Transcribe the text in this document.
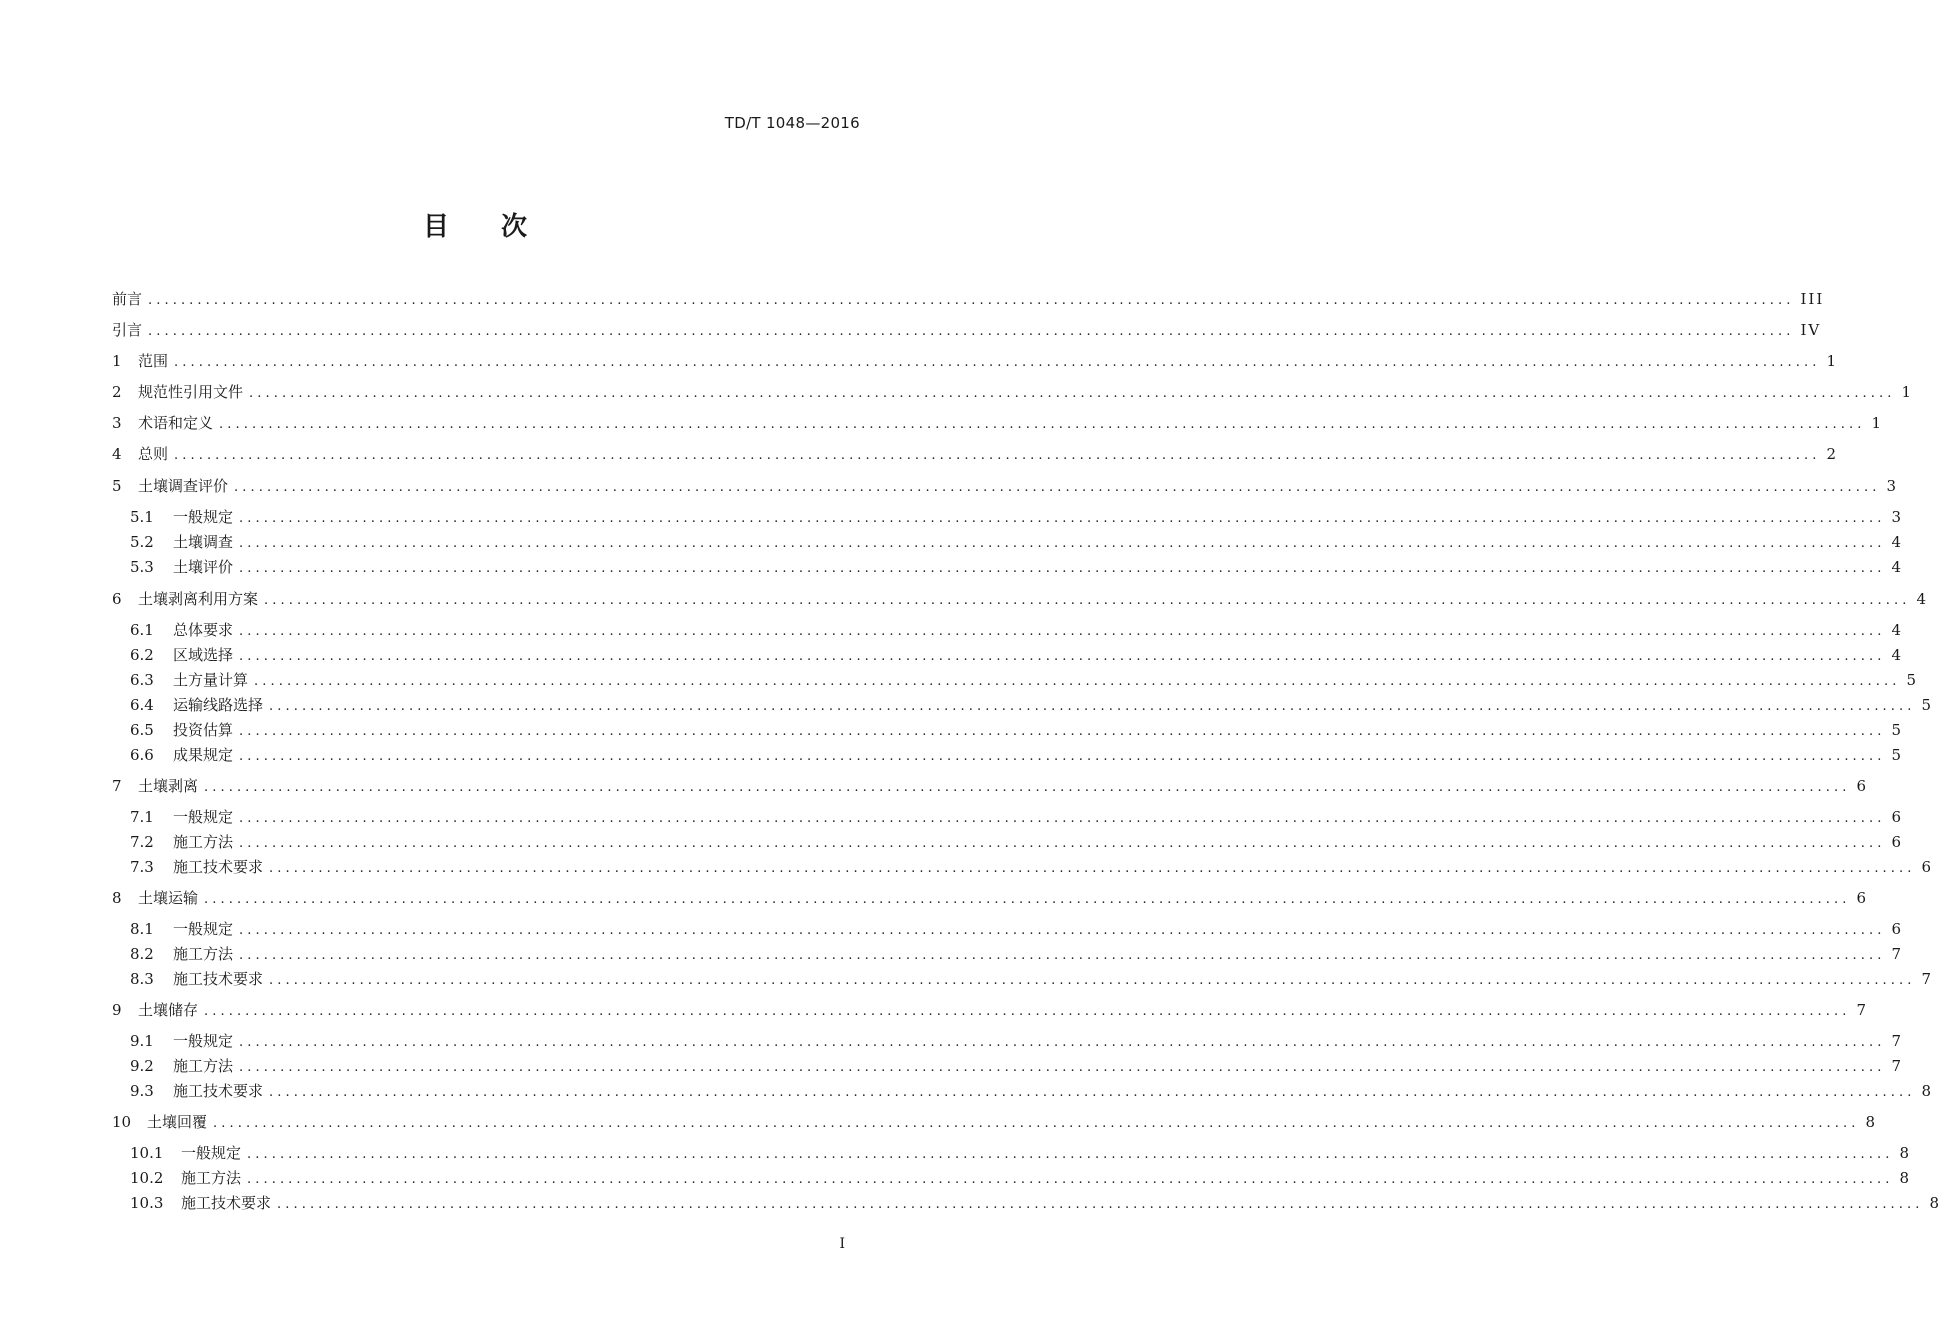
TD/T 1048—2016
目次
前言 ........................................................................................................................................................................................................ III
引言 ........................................................................................................................................................................................................ IV
1	范围 ........................................................................................................................................................................................................ 1
2	规范性引用文件 ........................................................................................................................................................................................................ 1
3	术语和定义 ........................................................................................................................................................................................................ 1
4	总则 ........................................................................................................................................................................................................ 2
5	土壤调查评价 ........................................................................................................................................................................................................ 3
5.1	一般规定 ........................................................................................................................................................................................................ 3
5.2	土壤调查 ........................................................................................................................................................................................................ 4
5.3	土壤评价 ........................................................................................................................................................................................................ 4
6	土壤剥离利用方案 ........................................................................................................................................................................................................ 4
6.1	总体要求 ........................................................................................................................................................................................................ 4
6.2	区域选择 ........................................................................................................................................................................................................ 4
6.3	土方量计算 ........................................................................................................................................................................................................ 5
6.4	运输线路选择 ........................................................................................................................................................................................................ 5
6.5	投资估算 ........................................................................................................................................................................................................ 5
6.6	成果规定 ........................................................................................................................................................................................................ 5
7	土壤剥离 ........................................................................................................................................................................................................ 6
7.1	一般规定 ........................................................................................................................................................................................................ 6
7.2	施工方法 ........................................................................................................................................................................................................ 6
7.3	施工技术要求 ........................................................................................................................................................................................................ 6
8	土壤运输 ........................................................................................................................................................................................................ 6
8.1	一般规定 ........................................................................................................................................................................................................ 6
8.2	施工方法 ........................................................................................................................................................................................................ 7
8.3	施工技术要求 ........................................................................................................................................................................................................ 7
9	土壤储存 ........................................................................................................................................................................................................ 7
9.1	一般规定 ........................................................................................................................................................................................................ 7
9.2	施工方法 ........................................................................................................................................................................................................ 7
9.3	施工技术要求 ........................................................................................................................................................................................................ 8
10	土壤回覆 ........................................................................................................................................................................................................ 8
10.1	一般规定 ........................................................................................................................................................................................................ 8
10.2	施工方法 ........................................................................................................................................................................................................ 8
10.3	施工技术要求 ........................................................................................................................................................................................................ 8
I
